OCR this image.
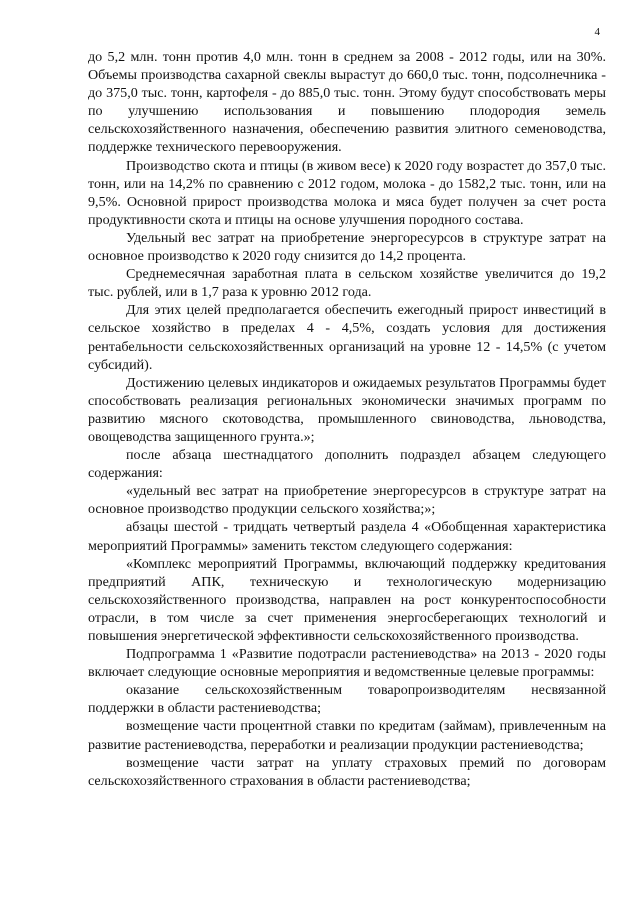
4

до 5,2 млн. тонн против 4,0 млн. тонн в среднем за 2008 - 2012 годы, или на 30%. Объемы производства сахарной свеклы вырастут до 660,0 тыс. тонн, подсолнечника - до 375,0 тыс. тонн, картофеля - до 885,0 тыс. тонн. Этому будут способствовать меры по улучшению использования и повышению плодородия земель сельскохозяйственного назначения, обеспечению развития элитного семеноводства, поддержке технического перевооружения.

Производство скота и птицы (в живом весе) к 2020 году возрастет до 357,0 тыс. тонн, или на 14,2% по сравнению с 2012 годом, молока - до 1582,2 тыс. тонн, или на 9,5%. Основной прирост производства молока и мяса будет получен за счет роста продуктивности скота и птицы на основе улучшения породного состава.

Удельный вес затрат на приобретение энергоресурсов в структуре затрат на основное производство к 2020 году снизится до 14,2 процента.

Среднемесячная заработная плата в сельском хозяйстве увеличится до 19,2 тыс. рублей, или в 1,7 раза к уровню 2012 года.

Для этих целей предполагается обеспечить ежегодный прирост инвестиций в сельское хозяйство в пределах 4 - 4,5%, создать условия для достижения рентабельности сельскохозяйственных организаций на уровне 12 - 14,5% (с учетом субсидий).

Достижению целевых индикаторов и ожидаемых результатов Программы будет способствовать реализация региональных экономически значимых программ по развитию мясного скотоводства, промышленного свиноводства, льноводства, овощеводства защищенного грунта.»;

после абзаца шестнадцатого дополнить подраздел абзацем следующего содержания:

«удельный вес затрат на приобретение энергоресурсов в структуре затрат на основное производство продукции сельского хозяйства;»;

абзацы шестой - тридцать четвертый раздела 4 «Обобщенная характеристика мероприятий Программы» заменить текстом следующего содержания:

«Комплекс мероприятий Программы, включающий поддержку кредитования предприятий АПК, техническую и технологическую модернизацию сельскохозяйственного производства, направлен на рост конкурентоспособности отрасли, в том числе за счет применения энергосберегающих технологий и повышения энергетической эффективности сельскохозяйственного производства.

Подпрограмма 1 «Развитие подотрасли растениеводства» на 2013 - 2020 годы включает следующие основные мероприятия и ведомственные целевые программы:

оказание сельскохозяйственным товаропроизводителям несвязанной поддержки в области растениеводства;

возмещение части процентной ставки по кредитам (займам), привлеченным на развитие растениеводства, переработки и реализации продукции растениеводства;

возмещение части затрат на уплату страховых премий по договорам сельскохозяйственного страхования в области растениеводства;
